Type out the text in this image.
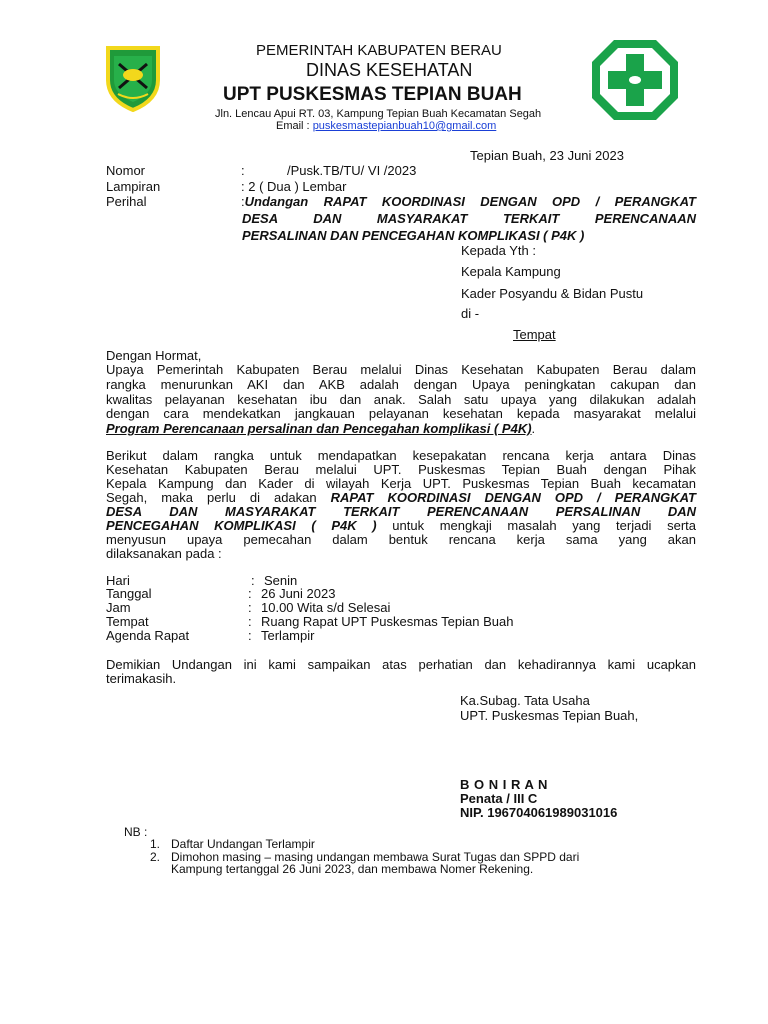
PEMERINTAH KABUPATEN BERAU
DINAS KESEHATAN
UPT PUSKESMAS TEPIAN BUAH
Jln. Lencau Apui RT. 03, Kampung Tepian Buah Kecamatan Segah
Email : puskesmastepianbuah10@gmail.com
Tepian Buah, 23 Juni 2023
Nomor	:	/Pusk.TB/TU/ VI /2023
Lampiran	: 2 ( Dua ) Lembar
Perihal	:Undangan RAPAT KOORDINASI DENGAN OPD / PERANGKAT
DESA DAN MASYARAKAT TERKAIT PERENCANAAN
PERSALINAN DAN PENCEGAHAN KOMPLIKASI ( P4K )
Kepada Yth :
Kepala Kampung
Kader Posyandu & Bidan Pustu
di -
Tempat
Dengan Hormat,
Upaya Pemerintah Kabupaten Berau melalui Dinas Kesehatan Kabupaten Berau dalam
rangka menurunkan AKI dan AKB adalah dengan Upaya peningkatan cakupan dan
kwalitas pelayanan kesehatan ibu dan anak. Salah satu upaya yang dilakukan adalah
dengan cara mendekatkan jangkauan pelayanan kesehatan kepada masyarakat melalui
Program Perencanaan persalinan dan Pencegahan komplikasi ( P4K).
Berikut dalam rangka untuk mendapatkan kesepakatan rencana kerja antara Dinas
Kesehatan Kabupaten Berau melalui UPT. Puskesmas Tepian Buah dengan Pihak
Kepala Kampung dan Kader di wilayah Kerja UPT. Puskesmas Tepian Buah kecamatan
Segah, maka perlu di adakan RAPAT KOORDINASI DENGAN OPD / PERANGKAT
DESA DAN MASYARAKAT TERKAIT PERENCANAAN PERSALINAN DAN
PENCEGAHAN KOMPLIKASI ( P4K ) untuk mengkaji masalah yang terjadi serta
menyusun upaya pemecahan dalam bentuk rencana kerja sama yang akan
dilaksanakan pada :
Hari	: Senin
Tanggal	: 26 Juni 2023
Jam	: 10.00 Wita s/d Selesai
Tempat	: Ruang Rapat UPT Puskesmas Tepian Buah
Agenda Rapat	: Terlampir
Demikian Undangan ini kami sampaikan atas perhatian dan kehadirannya kami ucapkan
terimakasih.
Ka.Subag. Tata Usaha
UPT. Puskesmas Tepian Buah,
B O N I R A N
Penata / III C
NIP. 196704061989031016
NB :
1. Daftar Undangan Terlampir
2. Dimohon masing – masing undangan membawa Surat Tugas dan SPPD dari
Kampung tertanggal 26 Juni 2023, dan membawa Nomer Rekening.
